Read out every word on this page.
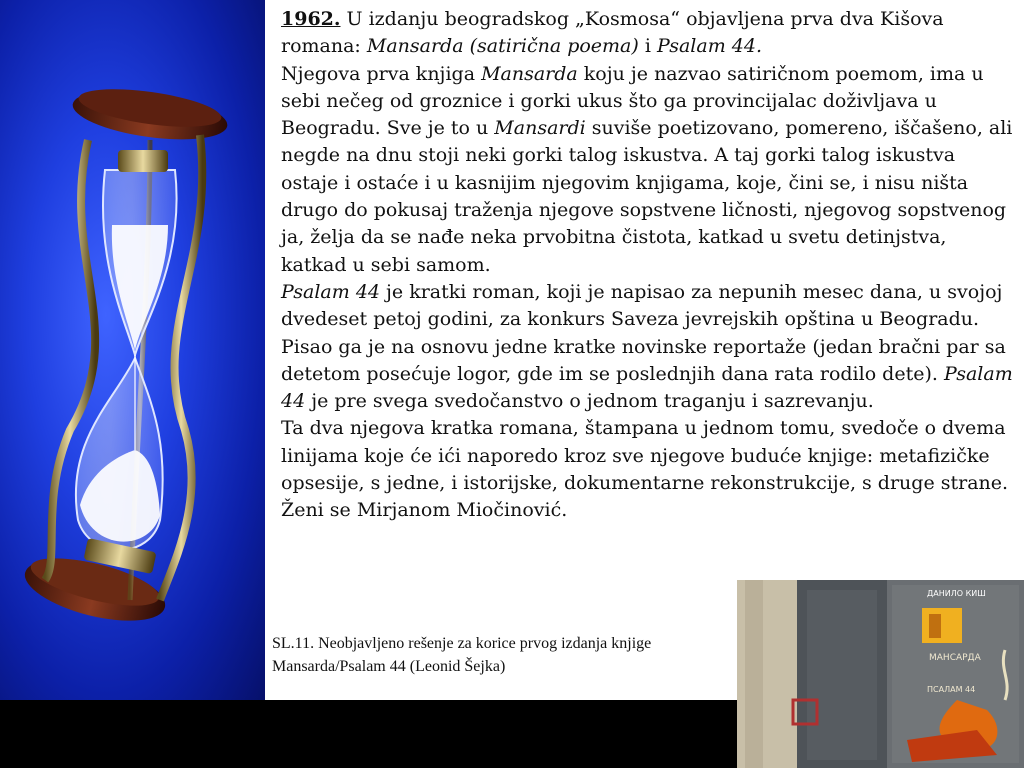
1962. U izdanju beogradskog „Kosmosa“ objavljena prva dva Kišova romana: Mansarda (satirična poema) i Psalam 44.

Njegova prva knjiga Mansarda koju je nazvao satiričnom poemom, ima u sebi nečeg od groznice i gorki ukus što ga provincijalac doživljava u Beogradu. Sve je to u Mansardi suviše poetizovano, pomereno, iščašeno, ali negde na dnu stoji neki gorki talog iskustva. A taj gorki talog iskustva ostaje i ostaće i u kasnijim njegovim knjigama, koje, čini se, i nisu ništa drugo do pokusaj traženja njegove sopstvene ličnosti, njegovog sopstvenog ja, želja da se nađe neka prvobitna čistota, katkad u svetu detinjstva, katkad u sebi samom.

Psalam 44 je kratki roman, koji je napisao za nepunih mesec dana, u svojoj dvedeset petoj godini, za konkurs Saveza jevrejskih opština u Beogradu. Pisao ga je na osnovu jedne kratke novinske reportaže (jedan bračni par sa detetom posećuje logor, gde im se poslednjih dana rata rodilo dete). Psalam 44 je pre svega svedočanstvo o jednom traganju i sazrevanju.

Ta dva njegova kratka romana, štampana u jednom tomu, svedoče o dvema linijama koje će ići naporedo kroz sve njegove buduće knjige: metafizičke opsesije, s jedne, i istorijske, dokumentarne rekonstrukcije, s druge strane.

Ženi se Mirjanom Miočinović.

SL.11. Neobjavljeno rešenje za korice prvog izdanja knjige Mansarda/Psalam 44 (Leonid Šejka)
ДАНИЛО КИШ
МАНСАРДА
ПСАЛАМ 44
